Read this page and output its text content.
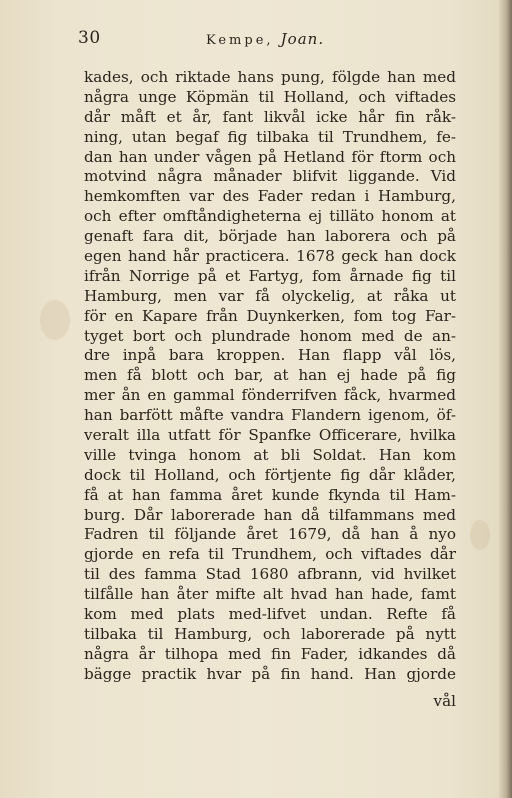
30	Kempe, Joan.
kades, och riktade hans pung, fölgde han med
några unge Köpmän til Holland, och viftades
dår måft et år, fant likvål icke hår fin råk-
ning, utan begaf fig tilbaka til Trundhem, fe-
dan han under vågen på Hetland för ftorm och
motvind några månader blifvit liggande. Vid
hemkomften var des Fader redan i Hamburg,
och efter omftåndigheterna ej tilläto honom at
genaft fara dit, började han laborera och på
egen hand hår practicera. 1678 geck han dock
ifrån Norrige på et Fartyg, fom årnade fig til
Hamburg, men var få olyckelig, at råka ut
för en Kapare från Duynkerken, fom tog Far-
tyget bort och plundrade honom med de an-
dre inpå bara kroppen. Han flapp vål lös,
men få blott och bar, at han ej hade på fig
mer ån en gammal fönderrifven fåck, hvarmed
han barfött måfte vandra Flandern igenom, öf-
veralt illa utfatt för Spanfke Officerare, hvilka
ville tvinga honom at bli Soldat. Han kom
dock til Holland, och förtjente fig dår klåder,
få at han famma året kunde fkynda til Ham-
burg. Dår laborerade han då tilfammans med
Fadren til följande året 1679, då han å nyo
gjorde en refa til Trundhem, och viftades dår
til des famma Stad 1680 afbrann, vid hvilket
tilfålle han åter mifte alt hvad han hade, famt
kom med plats med-lifvet undan. Refte få
tilbaka til Hamburg, och laborerade på nytt
några år tilhopa med fin Fader, idkandes då
bägge practik hvar på fin hand. Han gjorde
vål
